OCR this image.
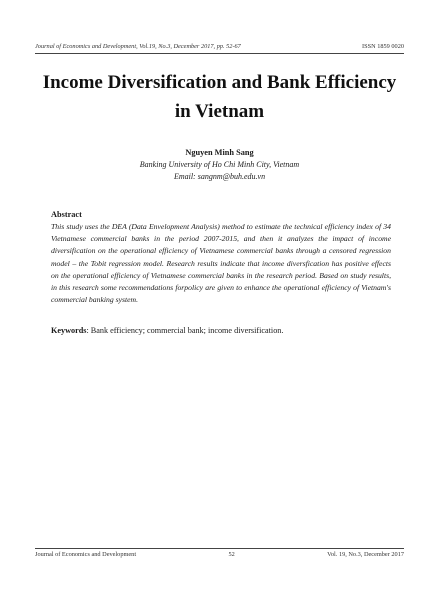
Journal of Economics and Development, Vol.19, No.3, December 2017, pp. 52-67	ISSN 1859 0020
Income Diversification and Bank Efficiency in Vietnam
Nguyen Minh Sang
Banking University of Ho Chi Minh City, Vietnam
Email: sangnm@buh.edu.vn
Abstract

This study uses the DEA (Data Envelopment Analysis) method to estimate the technical efficiency index of 34 Vietnamese commercial banks in the period 2007-2015, and then it analyzes the impact of income diversification on the operational efficiency of Vietnamese commercial banks through a censored regression model – the Tobit regression model. Research results indicate that income diversfication has positive effects on the operational efficiency of Vietnamese commercial banks in the research period. Based on study results, in this research some recommendations forpolicy are given to enhance the operational efficiency of Vietnam's commercial banking system.

Keywords: Bank efficiency; commercial bank; income diversification.

Journal of Economics and Development	52	Vol. 19, No.3, December 2017
